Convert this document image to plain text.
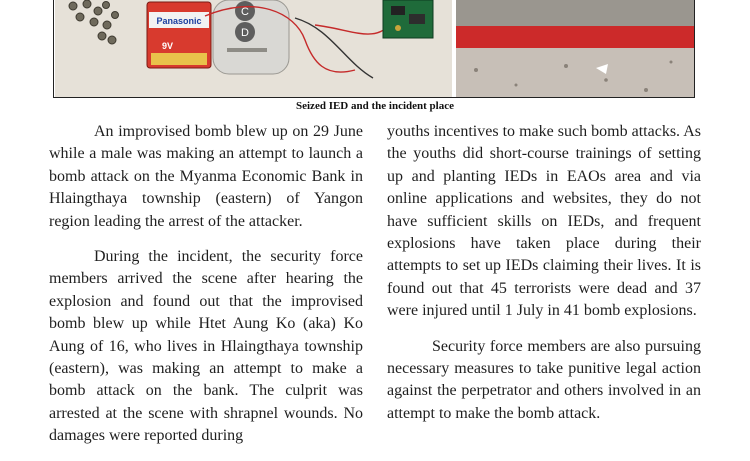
Panasonic
9V
C
D
Seized IED and the incident place

An improvised bomb blew up on 29 June while a male was making an attempt to launch a bomb attack on the Myanma Economic Bank in Hlaingthaya township (eastern) of Yangon region leading the arrest of the attacker.

During the incident, the security force members arrived the scene after hearing the explosion and found out that the improvised bomb blew up while Htet Aung Ko (aka) Ko Aung of 16, who lives in Hlaingthaya township (eastern), was making an attempt to make a bomb attack on the bank. The culprit was arrested at the scene with shrapnel wounds. No damages were reported during

youths incentives to make such bomb attacks. As the youths did short-course trainings of setting up and planting IEDs in EAOs area and via online applications and websites, they do not have sufficient skills on IEDs, and frequent explosions have taken place during their attempts to set up IEDs claiming their lives. It is found out that 45 terrorists were dead and 37 were injured until 1 July in 41 bomb explosions.

Security force members are also pursuing necessary measures to take punitive legal action against the perpetrator and others involved in an attempt to make the bomb attack.
